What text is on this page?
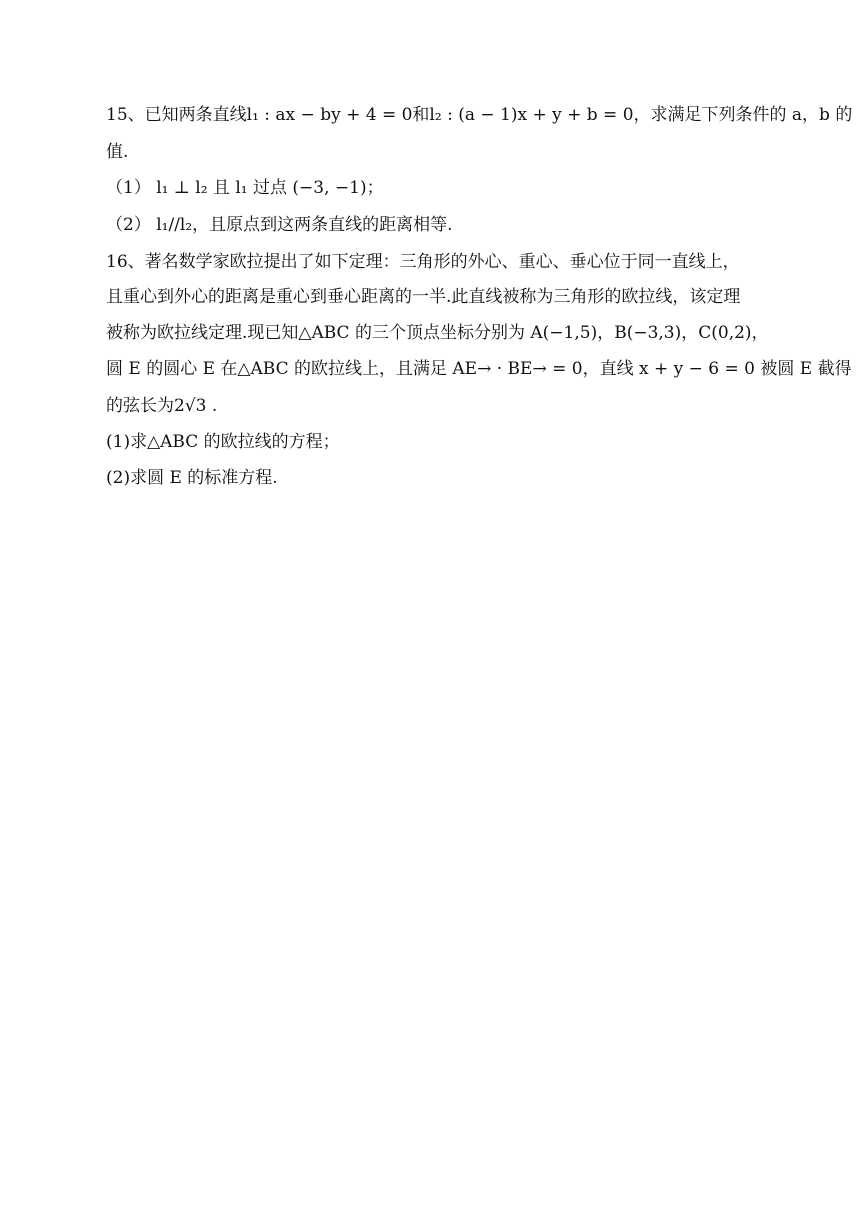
15、已知两条直线l₁ : ax − by + 4 = 0和l₂ : (a − 1)x + y + b = 0，求满足下列条件的 a，b 的
值.
（1） l₁ ⊥ l₂ 且 l₁ 过点 (−3, −1)；
（2） l₁//l₂，且原点到这两条直线的距离相等.
16、著名数学家欧拉提出了如下定理：三角形的外心、重心、垂心位于同一直线上，
且重心到外心的距离是重心到垂心距离的一半.此直线被称为三角形的欧拉线，该定理
被称为欧拉线定理.现已知△ABC 的三个顶点坐标分别为 A(−1,5)，B(−3,3)，C(0,2)，
圆 E 的圆心 E 在△ABC 的欧拉线上，且满足 AE→ · BE→ = 0，直线 x + y − 6 = 0 被圆 E 截得
的弦长为2√3 .
(1)求△ABC 的欧拉线的方程；
(2)求圆 E 的标准方程.
